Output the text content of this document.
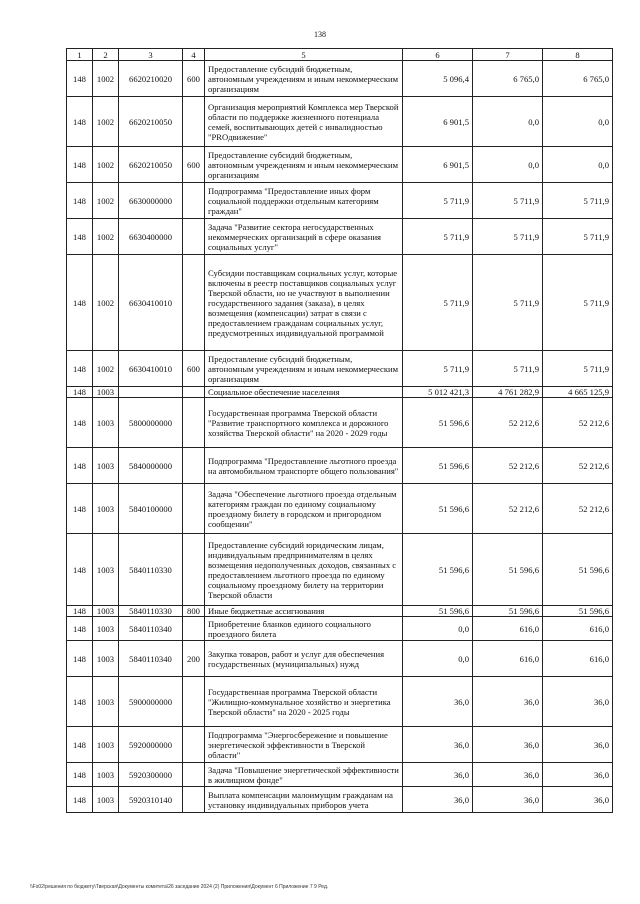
138
1	2	3	4	5	6	7	8
148	1002	6620210020	600	Предоставление субсидий бюджетным, автономным учреждениям и иным некоммерческим организациям	5 096,4	6 765,0	6 765,0
148	1002	6620210050		Организация мероприятий Комплекса мер Тверской области по поддержке жизненного потенциала семей, воспитывающих детей с инвалидностью "PROдвижение"	6 901,5	0,0	0,0
148	1002	6620210050	600	Предоставление субсидий бюджетным, автономным учреждениям и иным некоммерческим организациям	6 901,5	0,0	0,0
148	1002	6630000000		Подпрограмма "Предоставление иных форм социальной поддержки отдельным категориям граждан"	5 711,9	5 711,9	5 711,9
148	1002	6630400000		Задача "Развитие сектора негосударственных некоммерческих организаций в сфере оказания социальных услуг"	5 711,9	5 711,9	5 711,9
148	1002	6630410010		Субсидии поставщикам социальных услуг, которые включены в реестр поставщиков социальных услуг Тверской области, но не участвуют в выполнении государственного задания (заказа), в целях возмещения (компенсации) затрат в связи с предоставлением гражданам социальных услуг, предусмотренных индивидуальной программой	5 711,9	5 711,9	5 711,9
148	1002	6630410010	600	Предоставление субсидий бюджетным, автономным учреждениям и иным некоммерческим организациям	5 711,9	5 711,9	5 711,9
148	1003			Социальное обеспечение населения	5 012 421,3	4 761 282,9	4 665 125,9
148	1003	5800000000		Государственная программа Тверской области "Развитие транспортного комплекса и дорожного хозяйства Тверской области" на 2020 - 2029 годы	51 596,6	52 212,6	52 212,6
148	1003	5840000000		Подпрограмма "Предоставление льготного проезда на автомобильном транспорте общего пользования"	51 596,6	52 212,6	52 212,6
148	1003	5840100000		Задача "Обеспечение льготного проезда отдельным категориям граждан по единому социальному проездному билету в городском и пригородном сообщении"	51 596,6	52 212,6	52 212,6
148	1003	5840110330		Предоставление субсидий юридическим лицам, индивидуальным предпринимателям в целях возмещения недополученных доходов, связанных с предоставлением льготного проезда по единому социальному проездному билету на территории Тверской области	51 596,6	51 596,6	51 596,6
148	1003	5840110330	800	Иные бюджетные ассигнования	51 596,6	51 596,6	51 596,6
148	1003	5840110340		Приобретение бланков единого социального проездного билета	0,0	616,0	616,0
148	1003	5840110340	200	Закупка товаров, работ и услуг для обеспечения государственных (муниципальных) нужд	0,0	616,0	616,0
148	1003	5900000000		Государственная программа Тверской области "Жилищно-коммунальное хозяйство и энергетика Тверской области" на 2020 - 2025 годы	36,0	36,0	36,0
148	1003	5920000000		Подпрограмма "Энергосбережение и повышение энергетической эффективности в Тверской области"	36,0	36,0	36,0
148	1003	5920300000		Задача "Повышение энергетической эффективности в жилищном фонде"	36,0	36,0	36,0
148	1003	5920310140		Выплата компенсации малоимущим гражданам на установку индивидуальных приборов учета	36,0	36,0	36,0
\\Fs02\решения по бюджету\Тверская\Документы комитета\26 заседание 2024 (2) Приложения\Документ 6 Приложение 7 9 Ред.
